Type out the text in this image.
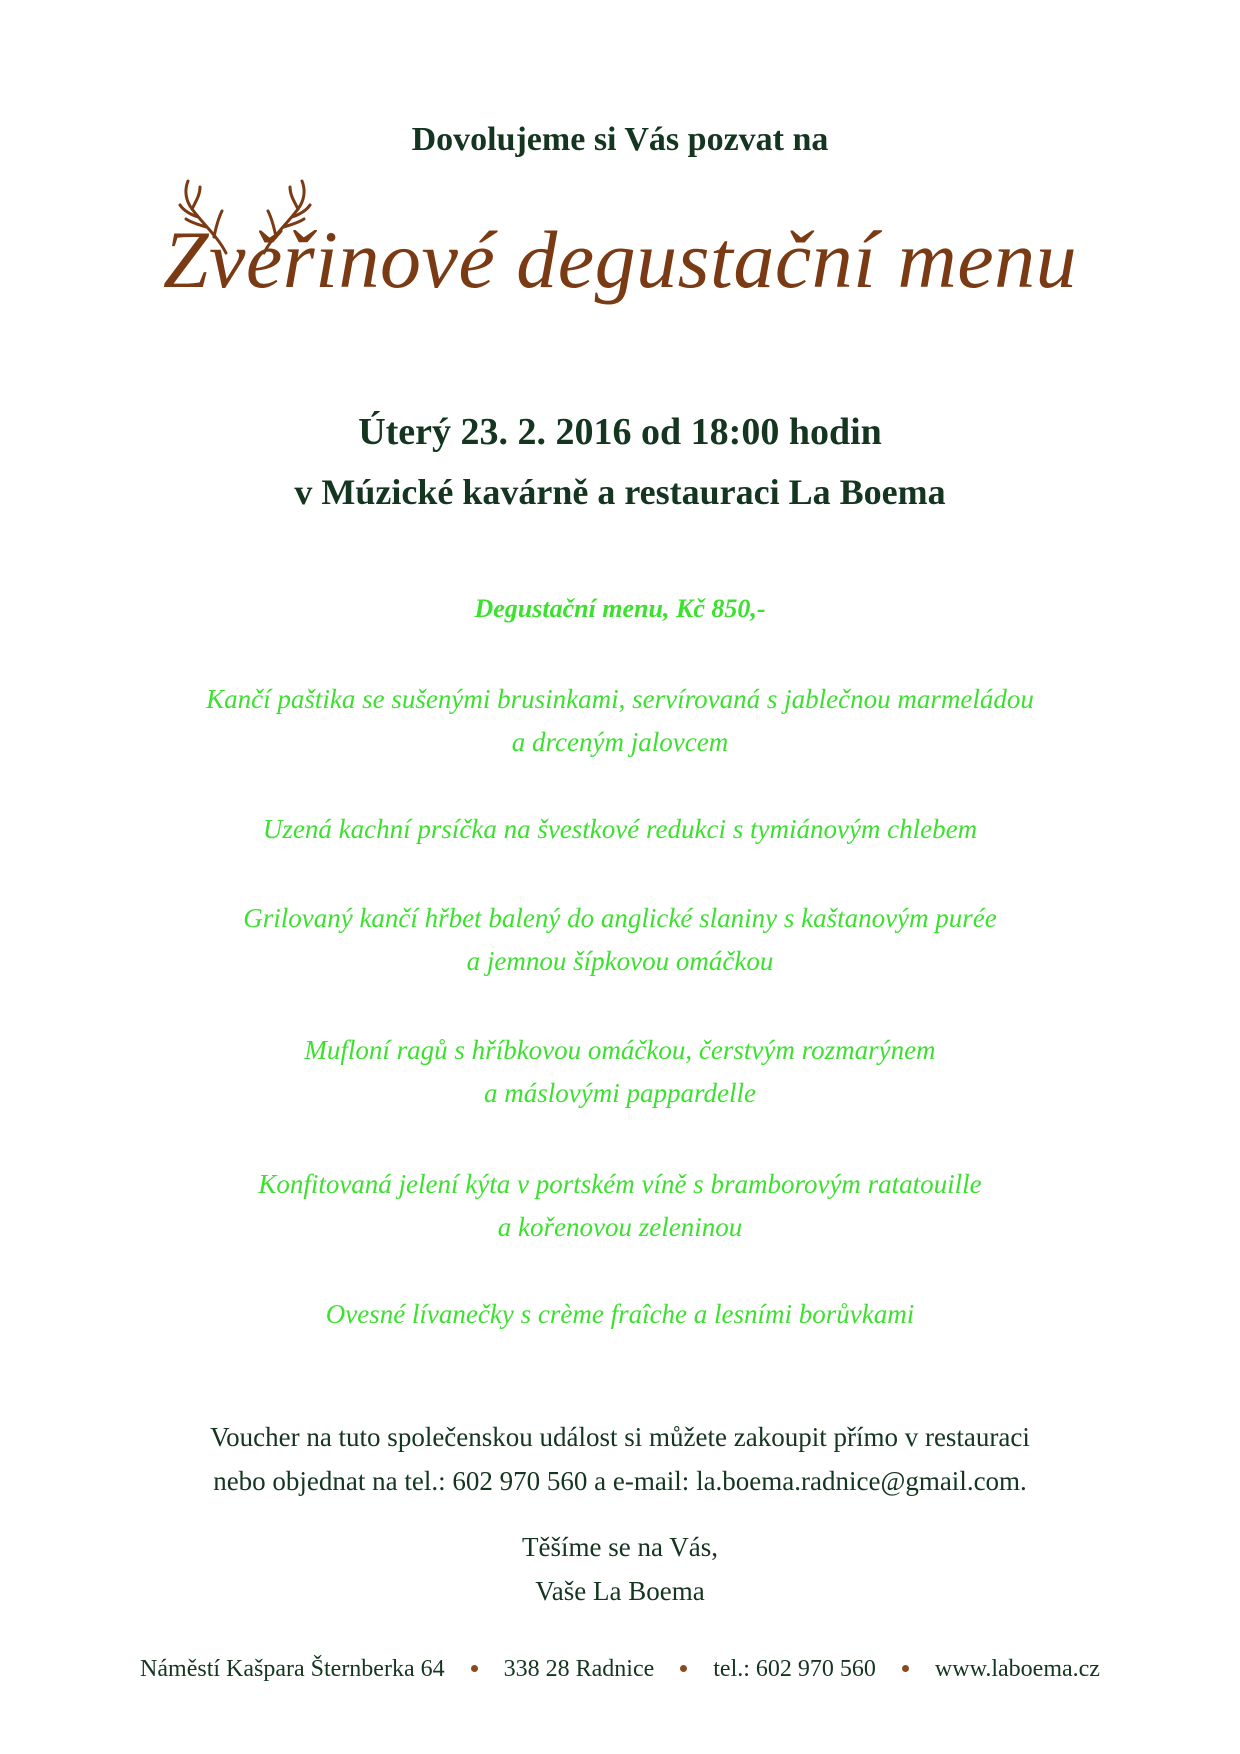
Dovolujeme si Vás pozvat na
Zvěřinové degustační menu
Úterý 23. 2. 2016 od 18:00 hodin
v Múzické kavárně a restauraci La Boema
Degustační menu, Kč 850,-
Kančí paštika se sušenými brusinkami, servírovaná s jablečnou marmeládou
a drceným jalovcem
Uzená kachní prsíčka na švestkové redukci s tymiánovým chlebem
Grilovaný kančí hřbet balený do anglické slaniny s kaštanovým purée
a jemnou šípkovou omáčkou
Mufloní ragů s hříbkovou omáčkou, čerstvým rozmarýnem
a máslovými pappardelle
Konfitovaná jelení kýta v portském víně s bramborovým ratatouille
a kořenovou zeleninou
Ovesné lívanečky s crème fraîche a lesními borůvkami
Voucher na tuto společenskou událost si můžete zakoupit přímo v restauraci
nebo objednat na tel.: 602 970 560 a e-mail: la.boema.radnice@gmail.com.
Těšíme se na Vás,
Vaše La Boema
Náměstí Kašpara Šternberka 64 338 28 Radnice tel.: 602 970 560 www.laboema.cz
